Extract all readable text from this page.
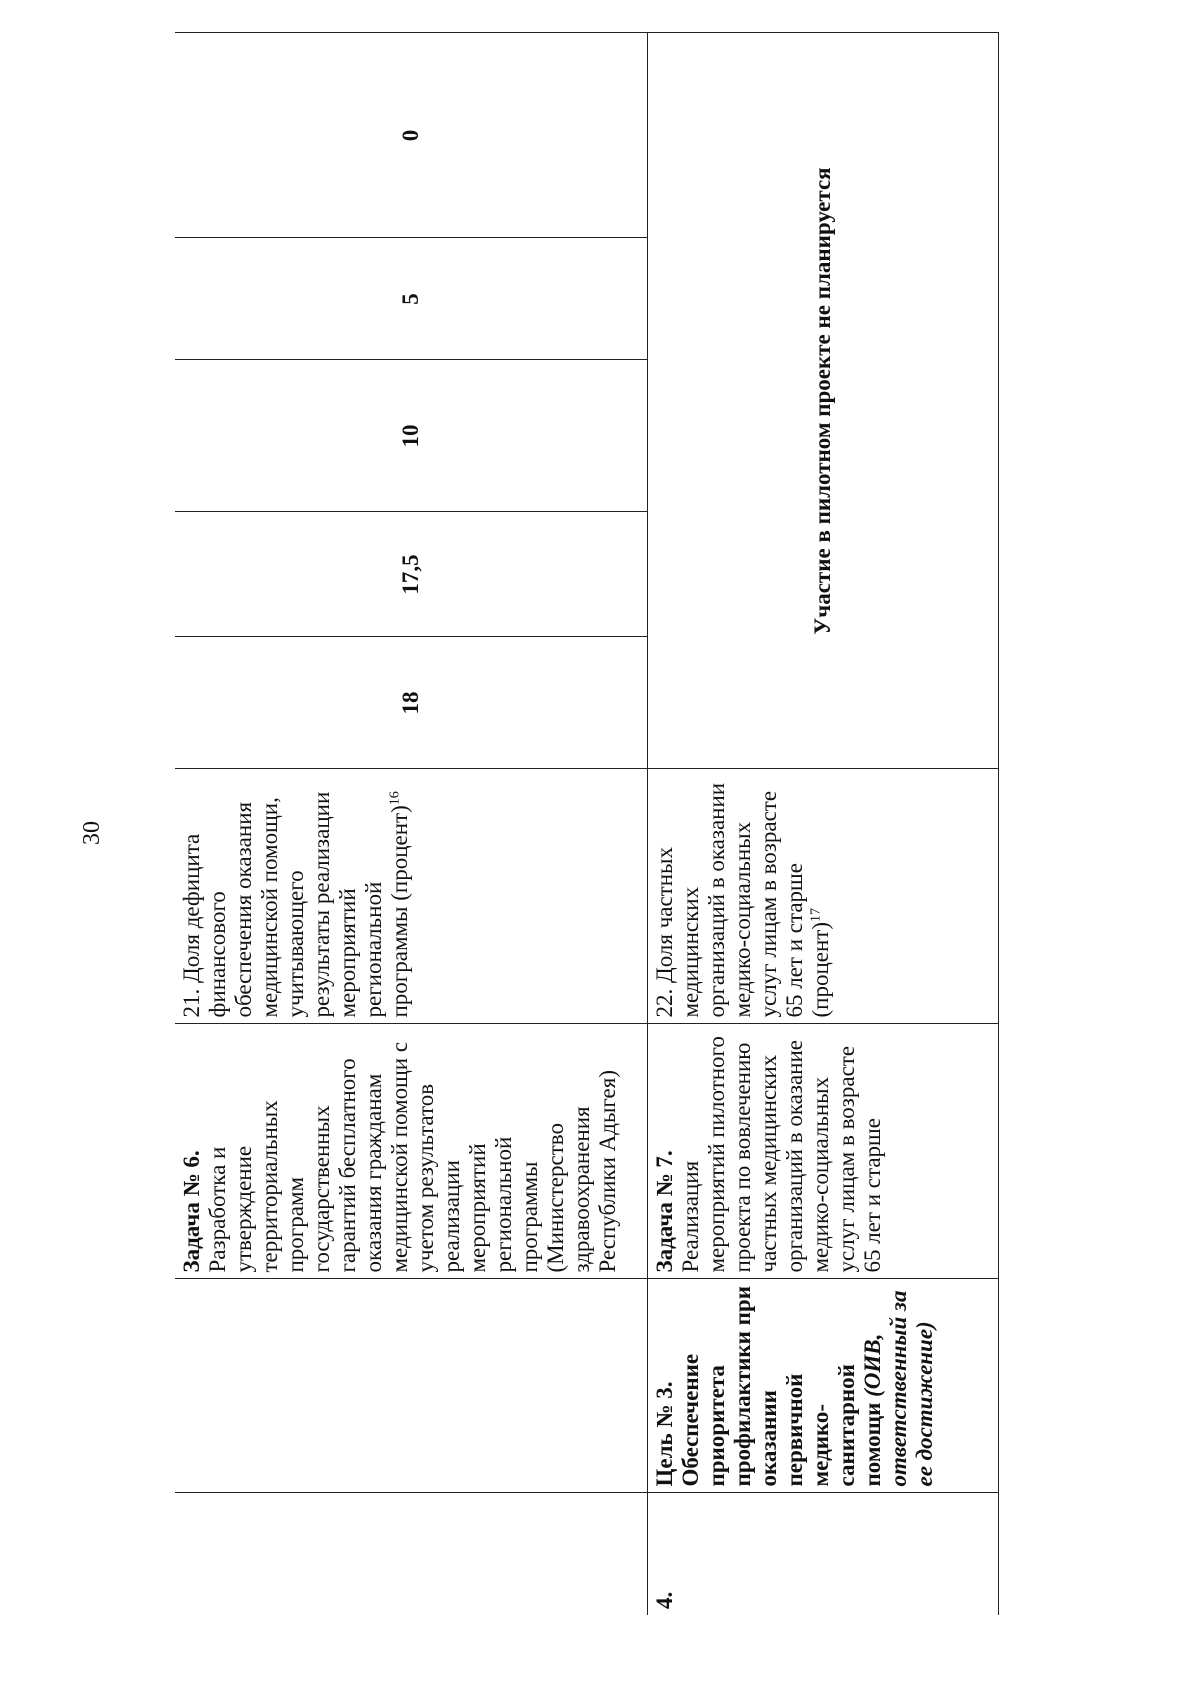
30
		Задача № 6.
Разработка и утверждение территориальных программ государственных гарантий бесплатного оказания гражданам медицинской помощи с учетом результатов реализации мероприятий региональной программы (Министерство здравоохранения Республики Адыгея)	21. Доля дефицита финансового обеспечения оказания медицинской помощи, учитывающего результаты реализации мероприятий региональной программы (процент)$^{16}$	18	17,5	10	5	0

4.	Цель № 3.
Обеспечение приоритета профилактики при оказании первичной медико-санитарной помощи (ОИВ, ответственный за ее достижение)	Задача № 7.
Реализация мероприятий пилотного проекта по вовлечению частных медицинских организаций в оказание медико-социальных услуг лицам в возрасте 65 лет и старше	22. Доля частных медицинских организаций в оказании медико-социальных услуг лицам в возрасте 65 лет и старше (процент)$^{17}$	Участие в пилотном проекте не планируется				
